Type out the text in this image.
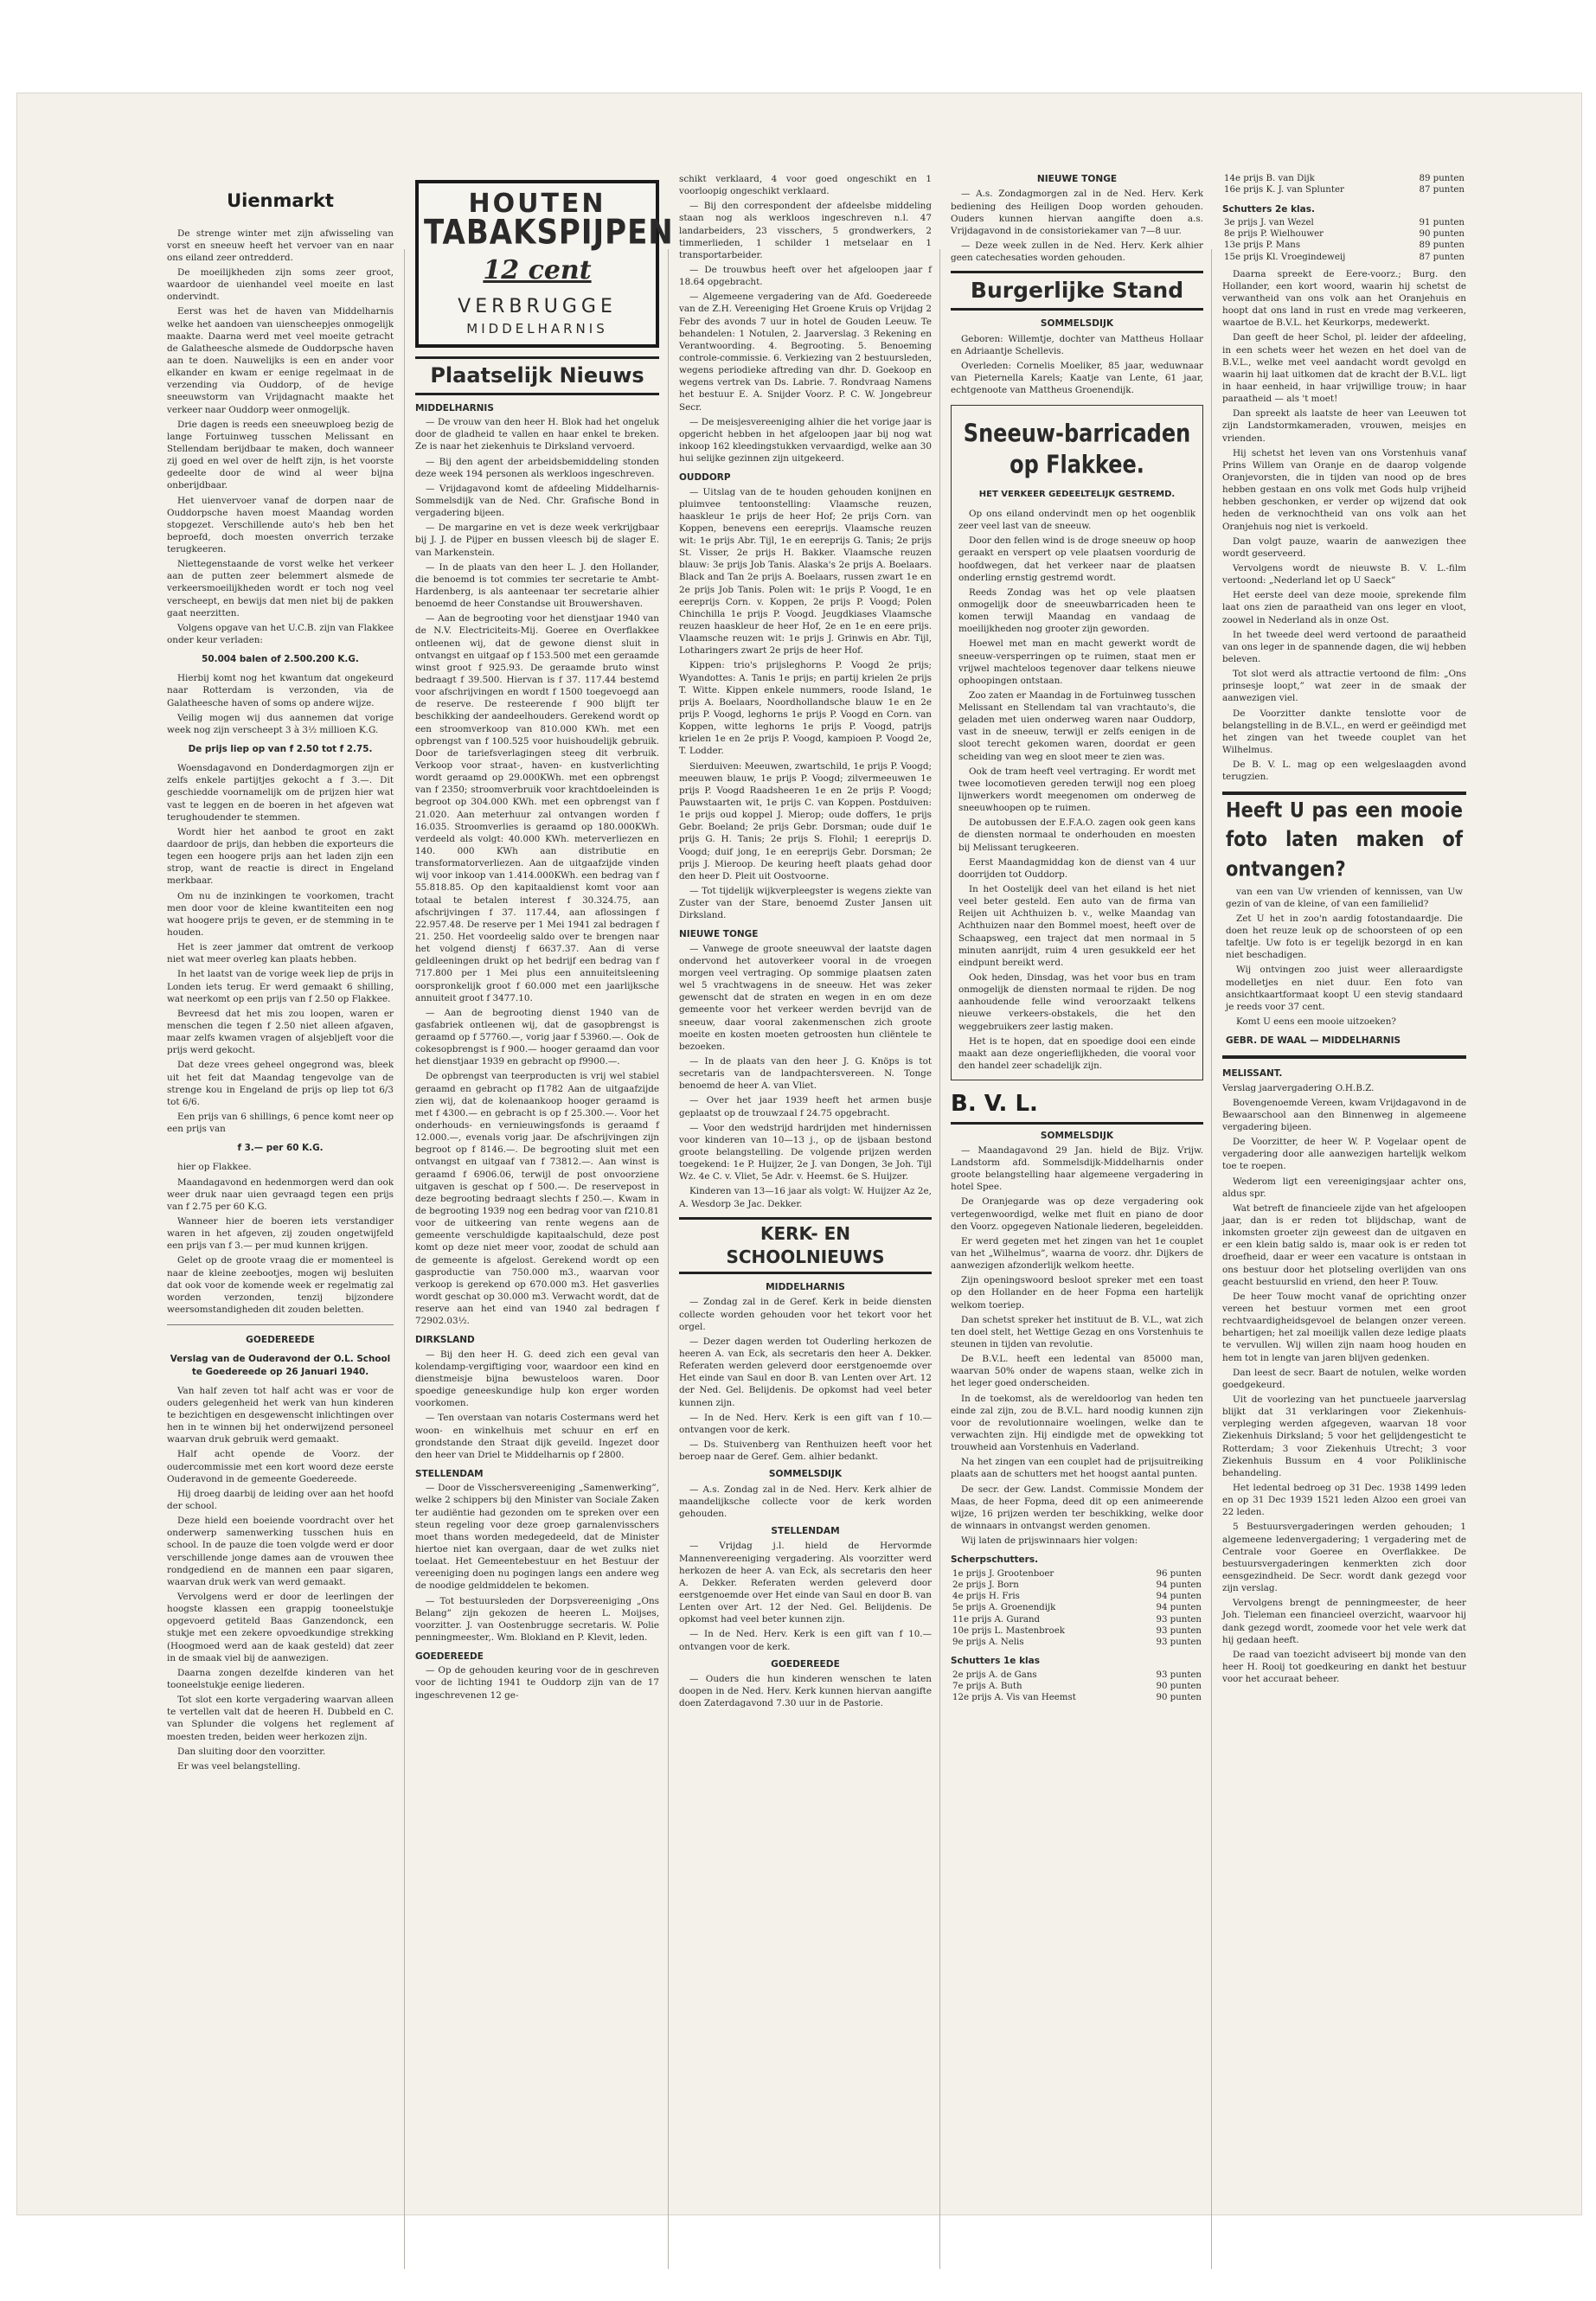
Uienmarkt

De strenge winter met zijn afwisseling van vorst en sneeuw heeft het vervoer van en naar ons eiland zeer ontredderd.

De moeilijkheden zijn soms zeer groot, waardoor de uienhandel veel moeite en last ondervindt.

Eerst was het de haven van Middelharnis welke het aandoen van uienscheepjes onmogelijk maakte. Daarna werd met veel moeite getracht de Galatheesche alsmede de Ouddorpsche haven aan te doen. Nauwelijks is een en ander voor elkander en kwam er eenige regelmaat in de verzending via Ouddorp, of de hevige sneeuwstorm van Vrijdagnacht maakte het verkeer naar Ouddorp weer onmogelijk.

Drie dagen is reeds een sneeuwploeg bezig de lange Fortuinweg tusschen Melissant en Stellendam berijdbaar te maken, doch wanneer zij goed en wel over de helft zijn, is het voorste gedeelte door de wind al weer bijna onberijdbaar.

Het uienvervoer vanaf de dorpen naar de Ouddorpsche haven moest Maandag worden stopgezet. Verschillende auto's heb ben het beproefd, doch moesten onverrich terzake terugkeeren.

Niettegenstaande de vorst welke het verkeer aan de putten zeer belemmert alsmede de verkeersmoeilijkheden wordt er toch nog veel verscheept, en bewijs dat men niet bij de pakken gaat neerzitten.

Volgens opgave van het U.C.B. zijn van Flakkee onder keur verladen:

50.004 balen of 2.500.200 K.G.

Hierbij komt nog het kwantum dat ongekeurd naar Rotterdam is verzonden, via de Galatheesche haven of soms op andere wijze.

Veilig mogen wij dus aannemen dat vorige week nog zijn verscheept 3 à 3½ millioen K.G.

De prijs liep op van f 2.50 tot f 2.75.

Woensdagavond en Donderdagmorgen zijn er zelfs enkele partijtjes gekocht a f 3.—. Dit geschiedde voornamelijk om de prijzen hier wat vast te leggen en de boeren in het afgeven wat terughoudender te stemmen.

Wordt hier het aanbod te groot en zakt daardoor de prijs, dan hebben die exporteurs die tegen een hoogere prijs aan het laden zijn een strop, want de reactie is direct in Engeland merkbaar.

Om nu de inzinkingen te voorkomen, tracht men door voor de kleine kwantiteiten een nog wat hoogere prijs te geven, er de stemming in te houden.

Het is zeer jammer dat omtrent de verkoop niet wat meer overleg kan plaats hebben.

In het laatst van de vorige week liep de prijs in Londen iets terug. Er werd gemaakt 6 shilling, wat neerkomt op een prijs van f 2.50 op Flakkee.

Bevreesd dat het mis zou loopen, waren er menschen die tegen f 2.50 niet alleen afgaven, maar zelfs kwamen vragen of alsjebljeft voor die prijs werd gekocht.

Dat deze vrees geheel ongegrond was, bleek uit het feit dat Maandag tengevolge van de strenge kou in Engeland de prijs op liep tot 6/3 tot 6/6.

Een prijs van 6 shillings, 6 pence komt neer op een prijs van

f 3.— per 60 K.G.

hier op Flakkee.

Maandagavond en hedenmorgen werd dan ook weer druk naar uien gevraagd tegen een prijs van f 2.75 per 60 K.G.

Wanneer hier de boeren iets verstandiger waren in het afgeven, zij zouden ongetwijfeld een prijs van f 3.— per mud kunnen krijgen.

Gelet op de groote vraag die er momenteel is naar de kleine zeebootjes, mogen wij besluiten dat ook voor de komende week er regelmatig zal worden verzonden, tenzij bijzondere weersomstandigheden dit zouden beletten.

GOEDEREEDE
Verslag van de Ouderavond der O.L. School te Goedereede op 26 Januari 1940.

Van half zeven tot half acht was er voor de ouders gelegenheid het werk van hun kinderen te bezichtigen en desgewenscht inlichtingen over hen in te winnen bij het onderwijzend personeel waarvan druk gebruik werd gemaakt.

Half acht opende de Voorz. der oudercommissie met een kort woord deze eerste Ouderavond in de gemeente Goedereede.

Hij droeg daarbij de leiding over aan het hoofd der school.

Deze hield een boeiende voordracht over het onderwerp samenwerking tusschen huis en school. In de pauze die toen volgde werd er door verschillende jonge dames aan de vrouwen thee rondgediend en de mannen een paar sigaren, waarvan druk werk van werd gemaakt.

Vervolgens werd er door de leerlingen der hoogste klassen een grappig tooneelstukje opgevoerd getiteld Baas Ganzendonck, een stukje met een zekere opvoedkundige strekking (Hoogmoed werd aan de kaak gesteld) dat zeer in de smaak viel bij de aanwezigen.

Daarna zongen dezelfde kinderen van het tooneelstukje eenige liederen.

Tot slot een korte vergadering waarvan alleen te vertellen valt dat de heeren H. Dubbeld en C. van Splunder die volgens het reglement af moesten treden, beiden weer herkozen zijn.

Dan sluiting door den voorzitter.

Er was veel belangstelling.

HOUTEN
TABAKSPIJPEN
12 cent
VERBRUGGE
MIDDELHARNIS
Plaatselijk Nieuws
MIDDELHARNIS

— De vrouw van den heer H. Blok had het ongeluk door de gladheid te vallen en haar enkel te breken. Ze is naar het ziekenhuis te Dirksland vervoerd.

— Bij den agent der arbeidsbemiddeling stonden deze week 194 personen als werkloos ingeschreven.

— Vrijdagavond komt de afdeeling Middelharnis-Sommelsdijk van de Ned. Chr. Grafische Bond in vergadering bijeen.

— De margarine en vet is deze week verkrijgbaar bij J. J. de Pijper en bussen vleesch bij de slager E. van Markenstein.

— In de plaats van den heer L. J. den Hollander, die benoemd is tot commies ter secretarie te Ambt-Hardenberg, is als aanteenaar ter secretarie alhier benoemd de heer Constandse uit Brouwershaven.

— Aan de begrooting voor het dienstjaar 1940 van de N.V. Electriciteits-Mij. Goeree en Overflakkee ontleenen wij, dat de gewone dienst sluit in ontvangst en uitgaaf op f 153.500 met een geraamde winst groot f 925.93. De geraamde bruto winst bedraagt f 39.500. Hiervan is f 37. 117.44 bestemd voor afschrijvingen en wordt f 1500 toegevoegd aan de reserve. De resteerende f 900 blijft ter beschikking der aandeelhouders. Gerekend wordt op een stroomverkoop van 810.000 KWh. met een opbrengst van f 100.525 voor huishoudelijk gebruik. Door de tariefsverlagingen steeg dit verbruik. Verkoop voor straat-, haven- en kustverlichting wordt geraamd op 29.000KWh. met een opbrengst van f 2350; stroomverbruik voor krachtdoeleinden is begroot op 304.000 KWh. met een opbrengst van f 21.020. Aan meterhuur zal ontvangen worden f 16.035. Stroomverlies is geraamd op 180.000KWh. verdeeld als volgt: 40.000 KWh. meterverliezen en 140. 000 KWh aan distributie en transformatorverliezen. Aan de uitgaafzijde vinden wij voor inkoop van 1.414.000KWh. een bedrag van f 55.818.85. Op den kapitaaldienst komt voor aan totaal te betalen interest f 30.324.75, aan afschrijvingen f 37. 117.44, aan aflossingen f 22.957.48. De reserve per 1 Mei 1941 zal bedragen f 21. 250. Het voordeelig saldo over te brengen naar het volgend dienstj f 6637.37. Aan di verse geldleeningen drukt op het bedrijf een bedrag van f 717.800 per 1 Mei plus een annuiteitsleening oorspronkelijk groot f 60.000 met een jaarlijksche annuiteit groot f 3477.10.

— Aan de begrooting dienst 1940 van de gasfabriek ontleenen wij, dat de gasopbrengst is geraamd op f 57760.—, vorig jaar f 53960.—. Ook de cokesopbrengst is f 900.— hooger geraamd dan voor het dienstjaar 1939 en gebracht op f9900.—.

De opbrengst van teerproducten is vrij wel stabiel geraamd en gebracht op f1782 Aan de uitgaafzijde zien wij, dat de kolenaankoop hooger geraamd is met f 4300.— en gebracht is op f 25.300.—. Voor het onderhouds- en vernieuwingsfonds is geraamd f 12.000.—, evenals vorig jaar. De afschrijvingen zijn begroot op f 8146.—. De begrooting sluit met een ontvangst en uitgaaf van f 73812.—. Aan winst is geraamd f 6906.06, terwijl de post onvoorziene uitgaven is geschat op f 500.—. De reservepost in deze begrooting bedraagt slechts f 250.—. Kwam in de begrooting 1939 nog een bedrag voor van f210.81 voor de uitkeering van rente wegens aan de gemeente verschuldigde kapitaalschuld, deze post komt op deze niet meer voor, zoodat de schuld aan de gemeente is afgelost. Gerekend wordt op een gasproductie van 750.000 m3., waarvan voor verkoop is gerekend op 670.000 m3. Het gasverlies wordt geschat op 30.000 m3. Verwacht wordt, dat de reserve aan het eind van 1940 zal bedragen f 72902.03½.

DIRKSLAND

— Bij den heer H. G. deed zich een geval van kolendamp-vergiftiging voor, waardoor een kind en dienstmeisje bijna bewusteloos waren. Door spoedige geneeskundige hulp kon erger worden voorkomen.

— Ten overstaan van notaris Costermans werd het woon- en winkelhuis met schuur en erf en grondstande den Straat dijk geveild. Ingezet door den heer van Driel te Middelharnis op f 2800.

STELLENDAM

— Door de Visschersvereeniging „Samenwerking”, welke 2 schippers bij den Minister van Sociale Zaken ter audiëntie had gezonden om te spreken over een steun regeling voor deze groep garnalenvisschers moet thans worden medegedeeld, dat de Minister hiertoe niet kan overgaan, daar de wet zulks niet toelaat. Het Gemeentebestuur en het Bestuur der vereeniging doen nu pogingen langs een andere weg de noodige geldmiddelen te bekomen.

— Tot bestuursleden der Dorpsvereeniging „Ons Belang” zijn gekozen de heeren L. Moijses, voorzitter. J. van Oostenbrugge secretaris. W. Polie penningmeester,. Wm. Blokland en P. Klevit, leden.

GOEDEREEDE

— Op de gehouden keuring voor de in geschreven voor de lichting 1941 te Ouddorp zijn van de 17 ingeschrevenen 12 ge-

schikt verklaard, 4 voor goed ongeschikt en 1 voorloopig ongeschikt verklaard.

— Bij den correspondent der afdeelsbe middeling staan nog als werkloos ingeschreven n.l. 47 landarbeiders, 23 visschers, 5 grondwerkers, 2 timmerlieden, 1 schilder 1 metselaar en 1 transportarbeider.

— De trouwbus heeft over het afgeloopen jaar f 18.64 opgebracht.

— Algemeene vergadering van de Afd. Goedereede van de Z.H. Vereeniging Het Groene Kruis op Vrijdag 2 Febr des avonds 7 uur in hotel de Gouden Leeuw. Te behandelen: 1 Notulen, 2. Jaarverslag. 3 Rekening en Verantwoording. 4. Begrooting. 5. Benoeming controle-commissie. 6. Verkiezing van 2 bestuursleden, wegens periodieke aftreding van dhr. D. Goekoop en wegens vertrek van Ds. Labrie. 7. Rondvraag Namens het bestuur E. A. Snijder Voorz. P. C. W. Jongebreur Secr.

— De meisjesvereeniging alhier die het vorige jaar is opgericht hebben in het afgeloopen jaar bij nog wat inkoop 162 kleedingstukken vervaardigd, welke aan 30 hui selijke gezinnen zijn uitgekeerd.

OUDDORP

— Uitslag van de te houden gehouden konijnen en pluimvee tentoonstelling: Vlaamsche reuzen, haaskleur 1e prijs de heer Hof; 2e prijs Corn. van Koppen, benevens een eereprijs. Vlaamsche reuzen wit: 1e prijs Abr. Tijl, 1e en eereprijs G. Tanis; 2e prijs St. Visser, 2e prijs H. Bakker. Vlaamsche reuzen blauw: 3e prijs Job Tanis. Alaska's 2e prijs A. Boelaars. Black and Tan 2e prijs A. Boelaars, russen zwart 1e en 2e prijs Job Tanis. Polen wit: 1e prijs P. Voogd, 1e en eereprijs Corn. v. Koppen, 2e prijs P. Voogd; Polen Chinchilla 1e prijs P. Voogd. Jeugdkiases Vlaamsche reuzen haaskleur de heer Hof, 2e en 1e en eere prijs. Vlaamsche reuzen wit: 1e prijs J. Grinwis en Abr. Tijl, Lotharingers zwart 2e prijs de heer Hof.

Kippen: trio's prijsleghorns P. Voogd 2e prijs; Wyandottes: A. Tanis 1e prijs; en partij krielen 2e prijs T. Witte. Kippen enkele nummers, roode Island, 1e prijs A. Boelaars, Noordhollandsche blauw 1e en 2e prijs P. Voogd, leghorns 1e prijs P. Voogd en Corn. van Koppen, witte leghorns 1e prijs P. Voogd, patrijs krielen 1e en 2e prijs P. Voogd, kampioen P. Voogd 2e, T. Lodder.

Sierduiven: Meeuwen, zwartschild, 1e prijs P. Voogd; meeuwen blauw, 1e prijs P. Voogd; zilvermeeuwen 1e prijs P. Voogd Raadsheeren 1e en 2e prijs P. Voogd; Pauwstaarten wit, 1e prijs C. van Koppen. Postduiven: 1e prijs oud koppel J. Mierop; oude doffers, 1e prijs Gebr. Boeland; 2e prijs Gebr. Dorsman; oude duif 1e prijs G. H. Tanis; 2e prijs S. Flohil; 1 eereprijs D. Voogd; duif jong, 1e en eereprijs Gebr. Dorsman; 2e prijs J. Mieroop. De keuring heeft plaats gehad door den heer D. Pleit uit Oostvoorne.

— Tot tijdelijk wijkverpleegster is wegens ziekte van Zuster van der Stare, benoemd Zuster Jansen uit Dirksland.

NIEUWE TONGE

— Vanwege de groote sneeuwval der laatste dagen ondervond het autoverkeer vooral in de vroegen morgen veel vertraging. Op sommige plaatsen zaten wel 5 vrachtwagens in de sneeuw. Het was zeker gewenscht dat de straten en wegen in en om deze gemeente voor het verkeer werden bevrijd van de sneeuw, daar vooral zakenmenschen zich groote moeite en kosten moeten getroosten hun cliëntele te bezoeken.

— In de plaats van den heer J. G. Knöps is tot secretaris van de landpachtersvereen. N. Tonge benoemd de heer A. van Vliet.

— Over het jaar 1939 heeft het armen busje geplaatst op de trouwzaal f 24.75 opgebracht.

— Voor den wedstrijd hardrijden met hindernissen voor kinderen van 10—13 j., op de ijsbaan bestond groote belangstelling. De volgende prijzen werden toegekend: 1e P. Huijzer, 2e J. van Dongen, 3e Joh. Tijl Wz. 4e C. v. Vliet, 5e Adr. v. Heemst. 6e S. Huijzer.

Kinderen van 13—16 jaar als volgt: W. Huijzer Az 2e, A. Wesdorp 3e Jac. Dekker.

KERK- EN SCHOOLNIEUWS
MIDDELHARNIS

— Zondag zal in de Geref. Kerk in beide diensten collecte worden gehouden voor het tekort voor het orgel.

— Dezer dagen werden tot Ouderling herkozen de heeren A. van Eck, als secretaris den heer A. Dekker. Referaten werden geleverd door eerstgenoemde over Het einde van Saul en door B. van Lenten over Art. 12 der Ned. Gel. Belijdenis. De opkomst had veel beter kunnen zijn.

— In de Ned. Herv. Kerk is een gift van f 10.— ontvangen voor de kerk.

— Ds. Stuivenberg van Renthuizen heeft voor het beroep naar de Geref. Gem. alhier bedankt.

SOMMELSDIJK

— A.s. Zondag zal in de Ned. Herv. Kerk alhier de maandelijksche collecte voor de kerk worden gehouden.

STELLENDAM

— Vrijdag j.l. hield de Hervormde Mannenvereeniging vergadering. Als voorzitter werd herkozen de heer A. van Eck, als secretaris den heer A. Dekker. Referaten werden geleverd door eerstgenoemde over Het einde van Saul en door B. van Lenten over Art. 12 der Ned. Gel. Belijdenis. De opkomst had veel beter kunnen zijn.

— In de Ned. Herv. Kerk is een gift van f 10.— ontvangen voor de kerk.

GOEDEREEDE

— Ouders die hun kinderen wenschen te laten doopen in de Ned. Herv. Kerk kunnen hiervan aangifte doen Zaterdagavond 7.30 uur in de Pastorie.

NIEUWE TONGE

— A.s. Zondagmorgen zal in de Ned. Herv. Kerk bediening des Heiligen Doop worden gehouden. Ouders kunnen hiervan aangifte doen a.s. Vrijdagavond in de consistoriekamer van 7—8 uur.

— Deze week zullen in de Ned. Herv. Kerk alhier geen catechesaties worden gehouden.

Burgerlijke Stand
SOMMELSDIJK

Geboren: Willemtje, dochter van Mattheus Hollaar en Adriaantje Schellevis.

Overleden: Cornelis Moeliker, 85 jaar, weduwnaar van Pieternella Karels; Kaatje van Lente, 61 jaar, echtgenoote van Mattheus Groenendijk.

Sneeuw-barricaden op Flakkee.
HET VERKEER GEDEELTELIJK GESTREMD.

Op ons eiland ondervindt men op het oogenblik zeer veel last van de sneeuw.

Door den fellen wind is de droge sneeuw op hoop geraakt en verspert op vele plaatsen voordurig de hoofdwegen, dat het verkeer naar de plaatsen onderling ernstig gestremd wordt.

Reeds Zondag was het op vele plaatsen onmogelijk door de sneeuwbarricaden heen te komen terwijl Maandag en vandaag de moeilijkheden nog grooter zijn geworden.

Hoewel met man en macht gewerkt wordt de sneeuw-versperringen op te ruimen, staat men er vrijwel machteloos tegenover daar telkens nieuwe ophoopingen ontstaan.

Zoo zaten er Maandag in de Fortuinweg tusschen Melissant en Stellendam tal van vrachtauto's, die geladen met uien onderweg waren naar Ouddorp, vast in de sneeuw, terwijl er zelfs eenigen in de sloot terecht gekomen waren, doordat er geen scheiding van weg en sloot meer te zien was.

Ook de tram heeft veel vertraging. Er wordt met twee locomotieven gereden terwijl nog een ploeg lijnwerkers wordt meegenomen om onderweg de sneeuwhoopen op te ruimen.

De autobussen der E.F.A.O. zagen ook geen kans de diensten normaal te onderhouden en moesten bij Melissant terugkeeren.

Eerst Maandagmiddag kon de dienst van 4 uur doorrijden tot Ouddorp.

In het Oostelijk deel van het eiland is het niet veel beter gesteld. Een auto van de firma van Reijen uit Achthuizen b. v., welke Maandag van Achthuizen naar den Bommel moest, heeft over de Schaapsweg, een traject dat men normaal in 5 minuten aanrijdt, ruim 4 uren gesukkeld eer het eindpunt bereikt werd.

Ook heden, Dinsdag, was het voor bus en tram onmogelijk de diensten normaal te rijden. De nog aanhoudende felle wind veroorzaakt telkens nieuwe verkeers-obstakels, die het den weggebruikers zeer lastig maken.

Het is te hopen, dat en spoedige dooi een einde maakt aan deze ongerieflijkheden, die vooral voor den handel zeer schadelijk zijn.

B. V. L.
SOMMELSDIJK

— Maandagavond 29 Jan. hield de Bijz. Vrijw. Landstorm afd. Sommelsdijk-Middelharnis onder groote belangstelling haar algemeene vergadering in hotel Spee.

De Oranjegarde was op deze vergadering ook vertegenwoordigd, welke met fluit en piano de door den Voorz. opgegeven Nationale liederen, begeleidden.

Er werd gegeten met het zingen van het 1e couplet van het „Wilhelmus”, waarna de voorz. dhr. Dijkers de aanwezigen afzonderlijk welkom heette.

Zijn openingswoord besloot spreker met een toast op den Hollander en de heer Fopma een hartelijk welkom toeriep.

Dan schetst spreker het instituut de B. V.L., wat zich ten doel stelt, het Wettige Gezag en ons Vorstenhuis te steunen in tijden van revolutie.

De B.V.L. heeft een ledental van 85000 man, waarvan 50% onder de wapens staan, welke zich in het leger goed onderscheiden.

In de toekomst, als de wereldoorlog van heden ten einde zal zijn, zou de B.V.L. hard noodig kunnen zijn voor de revolutionnaire woelingen, welke dan te verwachten zijn. Hij eindigde met de opwekking tot trouwheid aan Vorstenhuis en Vaderland.

Na het zingen van een couplet had de prijsuitreiking plaats aan de schutters met het hoogst aantal punten.

De secr. der Gew. Landst. Commissie Mondem der Maas, de heer Fopma, deed dit op een animeerende wijze, 16 prijzen werden ter beschikking, welke door de winnaars in ontvangst werden genomen.

Wij laten de prijswinnaars hier volgen:

Scherpschutters.
1e prijs J. Grootenboer	96 punten
2e prijs J. Born	94 punten
4e prijs H. Fris	94 punten
5e prijs A. Groenendijk	94 punten
11e prijs A. Gurand	93 punten
10e prijs L. Mastenbroek	93 punten
9e prijs A. Nelis	93 punten
Schutters 1e klas
2e prijs A. de Gans	93 punten
7e prijs A. Buth	90 punten
12e prijs A. Vis van Heemst	90 punten
14e prijs B. van Dijk	89 punten
16e prijs K. J. van Splunter	87 punten
Schutters 2e klas.
3e prijs J. van Wezel	91 punten
8e prijs P. Wielhouwer	90 punten
13e prijs P. Mans	89 punten
15e prijs Kl. Vroegindeweij	87 punten

Daarna spreekt de Eere-voorz.; Burg. den Hollander, een kort woord, waarin hij schetst de verwantheid van ons volk aan het Oranjehuis en hoopt dat ons land in rust en vrede mag verkeeren, waartoe de B.V.L. het Keurkorps, medewerkt.

Dan geeft de heer Schol, pl. leider der afdeeling, in een schets weer het wezen en het doel van de B.V.L., welke met veel aandacht wordt gevolgd en waarin hij laat uitkomen dat de kracht der B.V.L. ligt in haar eenheid, in haar vrijwillige trouw; in haar paraatheid — als 't moet!

Dan spreekt als laatste de heer van Leeuwen tot zijn Landstormkameraden, vrouwen, meisjes en vrienden.

Hij schetst het leven van ons Vorstenhuis vanaf Prins Willem van Oranje en de daarop volgende Oranjevorsten, die in tijden van nood op de bres hebben gestaan en ons volk met Gods hulp vrijheid hebben geschonken, er verder op wijzend dat ook heden de verknochtheid van ons volk aan het Oranjehuis nog niet is verkoeld.

Dan volgt pauze, waarin de aanwezigen thee wordt geserveerd.

Vervolgens wordt de nieuwste B. V. L.-film vertoond: „Nederland let op U Saeck”

Het eerste deel van deze mooie, sprekende film laat ons zien de paraatheid van ons leger en vloot, zoowel in Nederland als in onze Ost.

In het tweede deel werd vertoond de paraatheid van ons leger in de spannende dagen, die wij hebben beleven.

Tot slot werd als attractie vertoond de film: „Ons prinsesje loopt,” wat zeer in de smaak der aanwezigen viel.

De Voorzitter dankte tenslotte voor de belangstelling in de B.V.L., en werd er geëindigd met het zingen van het tweede couplet van het Wilhelmus.

De B. V. L. mag op een welgeslaagden avond terugzien.

Heeft U pas een mooie foto laten maken of ontvangen?

van een van Uw vrienden of kennissen, van Uw gezin of van de kleine, of van een familielid?

Zet U het in zoo'n aardig fotostandaardje. Die doen het reuze leuk op de schoorsteen of op een tafeltje. Uw foto is er tegelijk bezorgd in en kan niet beschadigen.

Wij ontvingen zoo juist weer alleraardigste modelletjes en niet duur. Een foto van ansichtkaartformaat koopt U een stevig standaard je reeds voor 37 cent.

Komt U eens een mooie uitzoeken?

GEBR. DE WAAL — MIDDELHARNIS
MELISSANT.
Verslag jaarvergadering O.H.B.Z.

Bovengenoemde Vereen, kwam Vrijdagavond in de Bewaarschool aan den Binnenweg in algemeene vergadering bijeen.

De Voorzitter, de heer W. P. Vogelaar opent de vergadering door alle aanwezigen hartelijk welkom toe te roepen.

Wederom ligt een vereenigingsjaar achter ons, aldus spr.

Wat betreft de financieele zijde van het afgeloopen jaar, dan is er reden tot blijdschap, want de inkomsten groeter zijn geweest dan de uitgaven en er een klein batig saldo is, maar ook is er reden tot droefheid, daar er weer een vacature is ontstaan in ons bestuur door het plotseling overlijden van ons geacht bestuurslid en vriend, den heer P. Touw.

De heer Touw mocht vanaf de oprichting onzer vereen het bestuur vormen met een groot rechtvaardigheidsgevoel de belangen onzer vereen. behartigen; het zal moeilijk vallen deze ledige plaats te vervullen. Wij willen zijn naam hoog houden en hem tot in lengte van jaren blijven gedenken.

Dan leest de secr. Baart de notulen, welke worden goedgekeurd.

Uit de voorlezing van het punctueele jaarverslag blijkt dat 31 verklaringen voor Ziekenhuis-verpleging werden afgegeven, waarvan 18 voor Ziekenhuis Dirksland; 5 voor het gelijdengesticht te Rotterdam; 3 voor Ziekenhuis Utrecht; 3 voor Ziekenhuis Bussum en 4 voor Poliklinische behandeling.

Het ledental bedroeg op 31 Dec. 1938 1499 leden en op 31 Dec 1939 1521 leden Alzoo een groei van 22 leden.

5 Bestuursvergaderingen werden gehouden; 1 algemeene ledenvergadering; 1 vergadering met de Centrale voor Goeree en Overflakkee. De bestuursvergaderingen kenmerkten zich door eensgezindheid. De Secr. wordt dank gezegd voor zijn verslag.

Vervolgens brengt de penningmeester, de heer Joh. Tieleman een financieel overzicht, waarvoor hij dank gezegd wordt, zoomede voor het vele werk dat hij gedaan heeft.

De raad van toezicht adviseert bij monde van den heer H. Rooij tot goedkeuring en dankt het bestuur voor het accuraat beheer.
